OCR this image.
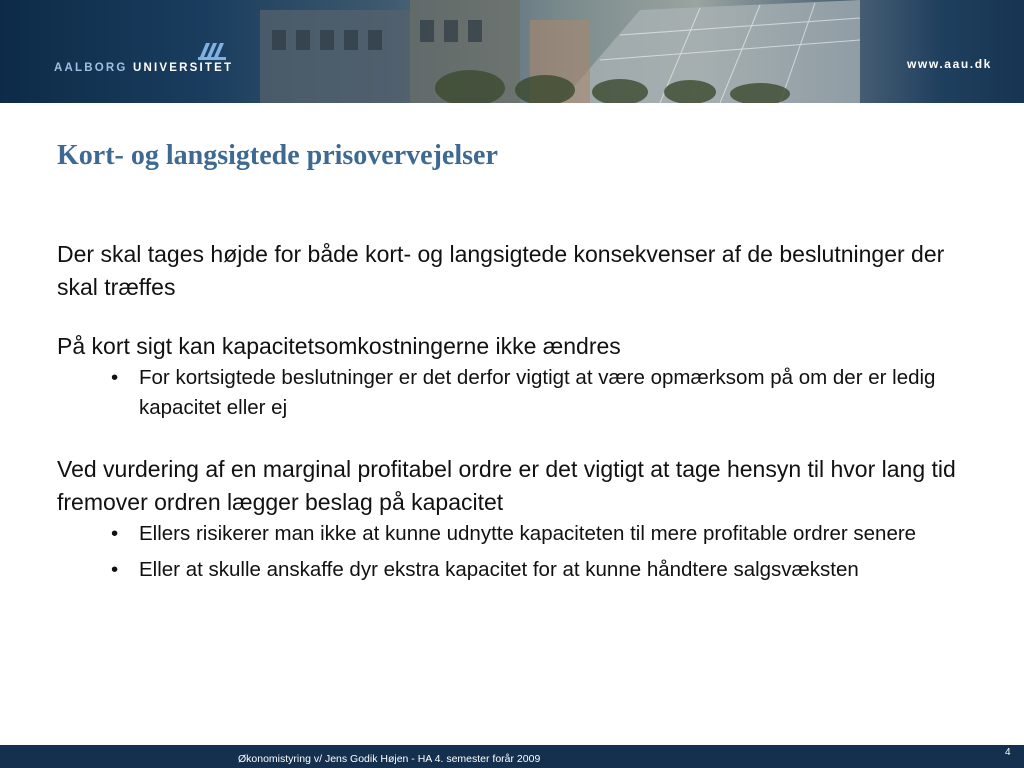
AALBORG UNIVERSITET	www.aau.dk
Kort- og langsigtede prisovervejelser

Der skal tages højde for både kort- og langsigtede konsekvenser af de beslutninger der skal træffes

På kort sigt kan kapacitetsomkostningerne ikke ændres

• For kortsigtede beslutninger er det derfor vigtigt at være opmærksom på om der er ledig kapacitet eller ej

Ved vurdering af en marginal profitabel ordre er det vigtigt at tage hensyn til hvor lang tid fremover ordren lægger beslag på kapacitet

• Ellers risikerer man ikke at kunne udnytte kapaciteten til mere profitable ordrer senere
• Eller at skulle anskaffe dyr ekstra kapacitet for at kunne håndtere salgsvæksten
Økonomistyring v/ Jens Godik Højen - HA 4. semester forår 2009
4
